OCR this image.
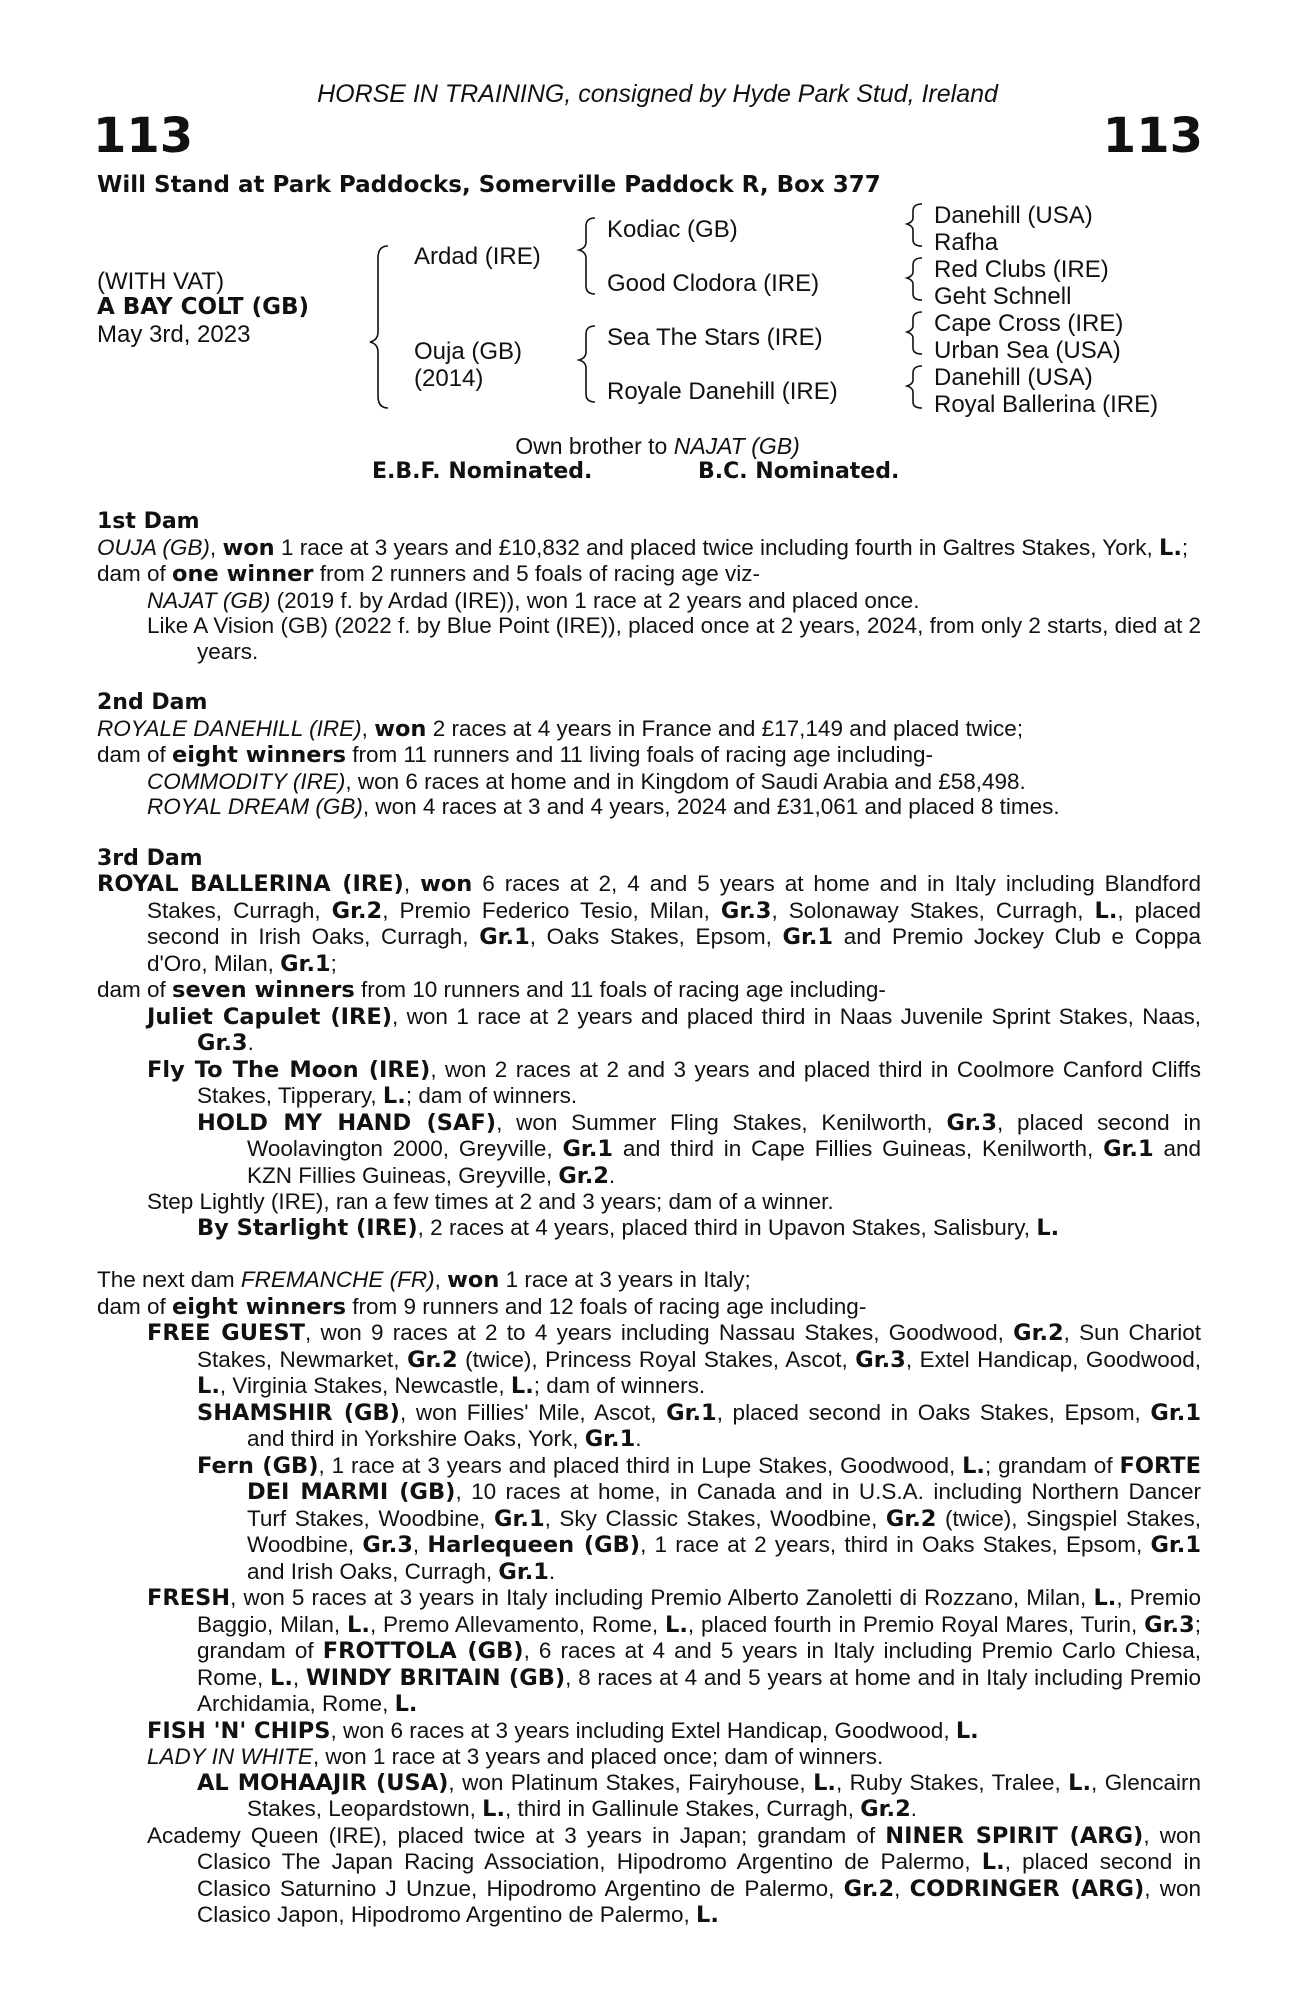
HORSE IN TRAINING, consigned by Hyde Park Stud, Ireland
113	113
Will Stand at Park Paddocks, Somerville Paddock R, Box 377
(WITH VAT)
A BAY COLT (GB)
May 3rd, 2023
Ardad (IRE)
Ouja (GB)
(2014)
Kodiac (GB)
Good Clodora (IRE)
Sea The Stars (IRE)
Royale Danehill (IRE)
Danehill (USA)
Rafha
Red Clubs (IRE)
Geht Schnell
Cape Cross (IRE)
Urban Sea (USA)
Danehill (USA)
Royal Ballerina (IRE)
Own brother to NAJAT (GB)
E.B.F. Nominated.	B.C. Nominated.
1st Dam
OUJA (GB), won 1 race at 3 years and £10,832 and placed twice including fourth in Galtres Stakes, York, L.;
dam of one winner from 2 runners and 5 foals of racing age viz-
NAJAT (GB) (2019 f. by Ardad (IRE)), won 1 race at 2 years and placed once.
Like A Vision (GB) (2022 f. by Blue Point (IRE)), placed once at 2 years, 2024, from only 2 starts, died at 2 years.
2nd Dam
ROYALE DANEHILL (IRE), won 2 races at 4 years in France and £17,149 and placed twice;
dam of eight winners from 11 runners and 11 living foals of racing age including-
COMMODITY (IRE), won 6 races at home and in Kingdom of Saudi Arabia and £58,498.
ROYAL DREAM (GB), won 4 races at 3 and 4 years, 2024 and £31,061 and placed 8 times.
3rd Dam
ROYAL BALLERINA (IRE), won 6 races at 2, 4 and 5 years at home and in Italy including Blandford Stakes, Curragh, Gr.2, Premio Federico Tesio, Milan, Gr.3, Solonaway Stakes, Curragh, L., placed second in Irish Oaks, Curragh, Gr.1, Oaks Stakes, Epsom, Gr.1 and Premio Jockey Club e Coppa d'Oro, Milan, Gr.1;
dam of seven winners from 10 runners and 11 foals of racing age including-
Juliet Capulet (IRE), won 1 race at 2 years and placed third in Naas Juvenile Sprint Stakes, Naas, Gr.3.
Fly To The Moon (IRE), won 2 races at 2 and 3 years and placed third in Coolmore Canford Cliffs Stakes, Tipperary, L.; dam of winners.
HOLD MY HAND (SAF), won Summer Fling Stakes, Kenilworth, Gr.3, placed second in Woolavington 2000, Greyville, Gr.1 and third in Cape Fillies Guineas, Kenilworth, Gr.1 and KZN Fillies Guineas, Greyville, Gr.2.
Step Lightly (IRE), ran a few times at 2 and 3 years; dam of a winner.
By Starlight (IRE), 2 races at 4 years, placed third in Upavon Stakes, Salisbury, L.
The next dam FREMANCHE (FR), won 1 race at 3 years in Italy;
dam of eight winners from 9 runners and 12 foals of racing age including-
FREE GUEST, won 9 races at 2 to 4 years including Nassau Stakes, Goodwood, Gr.2, Sun Chariot Stakes, Newmarket, Gr.2 (twice), Princess Royal Stakes, Ascot, Gr.3, Extel Handicap, Goodwood, L., Virginia Stakes, Newcastle, L.; dam of winners.
SHAMSHIR (GB), won Fillies' Mile, Ascot, Gr.1, placed second in Oaks Stakes, Epsom, Gr.1 and third in Yorkshire Oaks, York, Gr.1.
Fern (GB), 1 race at 3 years and placed third in Lupe Stakes, Goodwood, L.; grandam of FORTE DEI MARMI (GB), 10 races at home, in Canada and in U.S.A. including Northern Dancer Turf Stakes, Woodbine, Gr.1, Sky Classic Stakes, Woodbine, Gr.2 (twice), Singspiel Stakes, Woodbine, Gr.3, Harlequeen (GB), 1 race at 2 years, third in Oaks Stakes, Epsom, Gr.1 and Irish Oaks, Curragh, Gr.1.
FRESH, won 5 races at 3 years in Italy including Premio Alberto Zanoletti di Rozzano, Milan, L., Premio Baggio, Milan, L., Premo Allevamento, Rome, L., placed fourth in Premio Royal Mares, Turin, Gr.3; grandam of FROTTOLA (GB), 6 races at 4 and 5 years in Italy including Premio Carlo Chiesa, Rome, L., WINDY BRITAIN (GB), 8 races at 4 and 5 years at home and in Italy including Premio Archidamia, Rome, L.
FISH 'N' CHIPS, won 6 races at 3 years including Extel Handicap, Goodwood, L.
LADY IN WHITE, won 1 race at 3 years and placed once; dam of winners.
AL MOHAAJIR (USA), won Platinum Stakes, Fairyhouse, L., Ruby Stakes, Tralee, L., Glencairn Stakes, Leopardstown, L., third in Gallinule Stakes, Curragh, Gr.2.
Academy Queen (IRE), placed twice at 3 years in Japan; grandam of NINER SPIRIT (ARG), won Clasico The Japan Racing Association, Hipodromo Argentino de Palermo, L., placed second in Clasico Saturnino J Unzue, Hipodromo Argentino de Palermo, Gr.2, CODRINGER (ARG), won Clasico Japon, Hipodromo Argentino de Palermo, L.
